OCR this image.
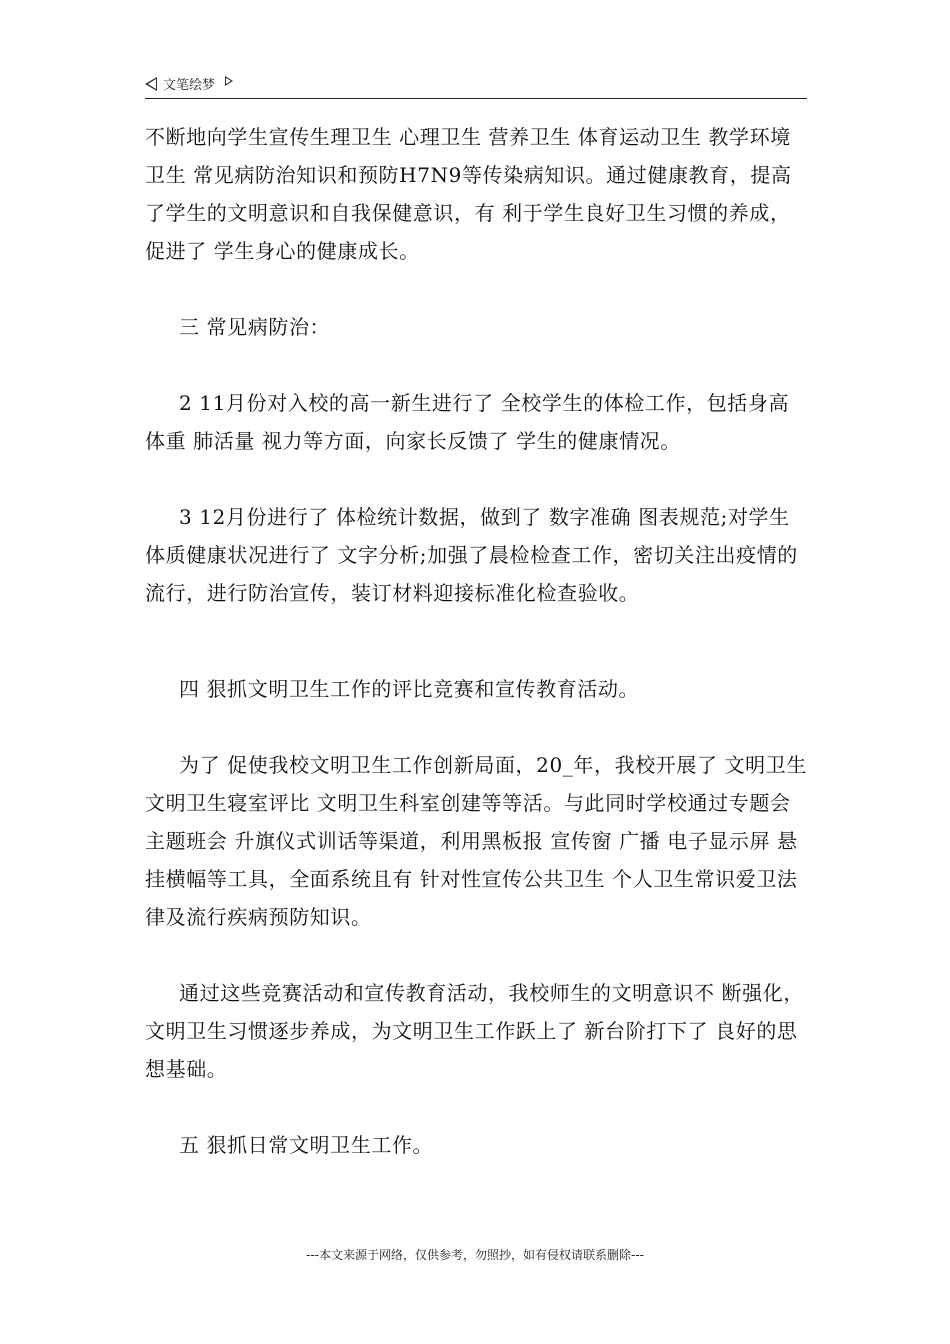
文笔绘梦

不断地向学生宣传生理卫生 心理卫生 营养卫生 体育运动卫生 教学环境卫生 常见病防治知识和预防H7N9等传染病知识。通过健康教育，提高了学生的文明意识和自我保健意识，有 利于学生良好卫生习惯的养成，促进了 学生身心的健康成长。

三 常见病防治：

2 11月份对入校的高一新生进行了 全校学生的体检工作，包括身高 体重 肺活量 视力等方面，向家长反馈了 学生的健康情况。

3 12月份进行了 体检统计数据，做到了 数字准确 图表规范;对学生体质健康状况进行了 文字分析;加强了晨检检查工作，密切关注出疫情的流行，进行防治宣传，装订材料迎接标准化检查验收。

四 狠抓文明卫生工作的评比竞赛和宣传教育活动。

为了 促使我校文明卫生工作创新局面，20_年，我校开展了 文明卫生 文明卫生寝室评比 文明卫生科室创建等等活。与此同时学校通过专题会主题班会 升旗仪式训话等渠道，利用黑板报 宣传窗 广播 电子显示屏 悬挂横幅等工具，全面系统且有 针对性宣传公共卫生 个人卫生常识爱卫法律及流行疾病预防知识。

通过这些竞赛活动和宣传教育活动，我校师生的文明意识不 断强化，文明卫生习惯逐步养成，为文明卫生工作跃上了 新台阶打下了 良好的思想基础。

五 狠抓日常文明卫生工作。

---本文来源于网络，仅供参考，勿照抄，如有侵权请联系删除---
